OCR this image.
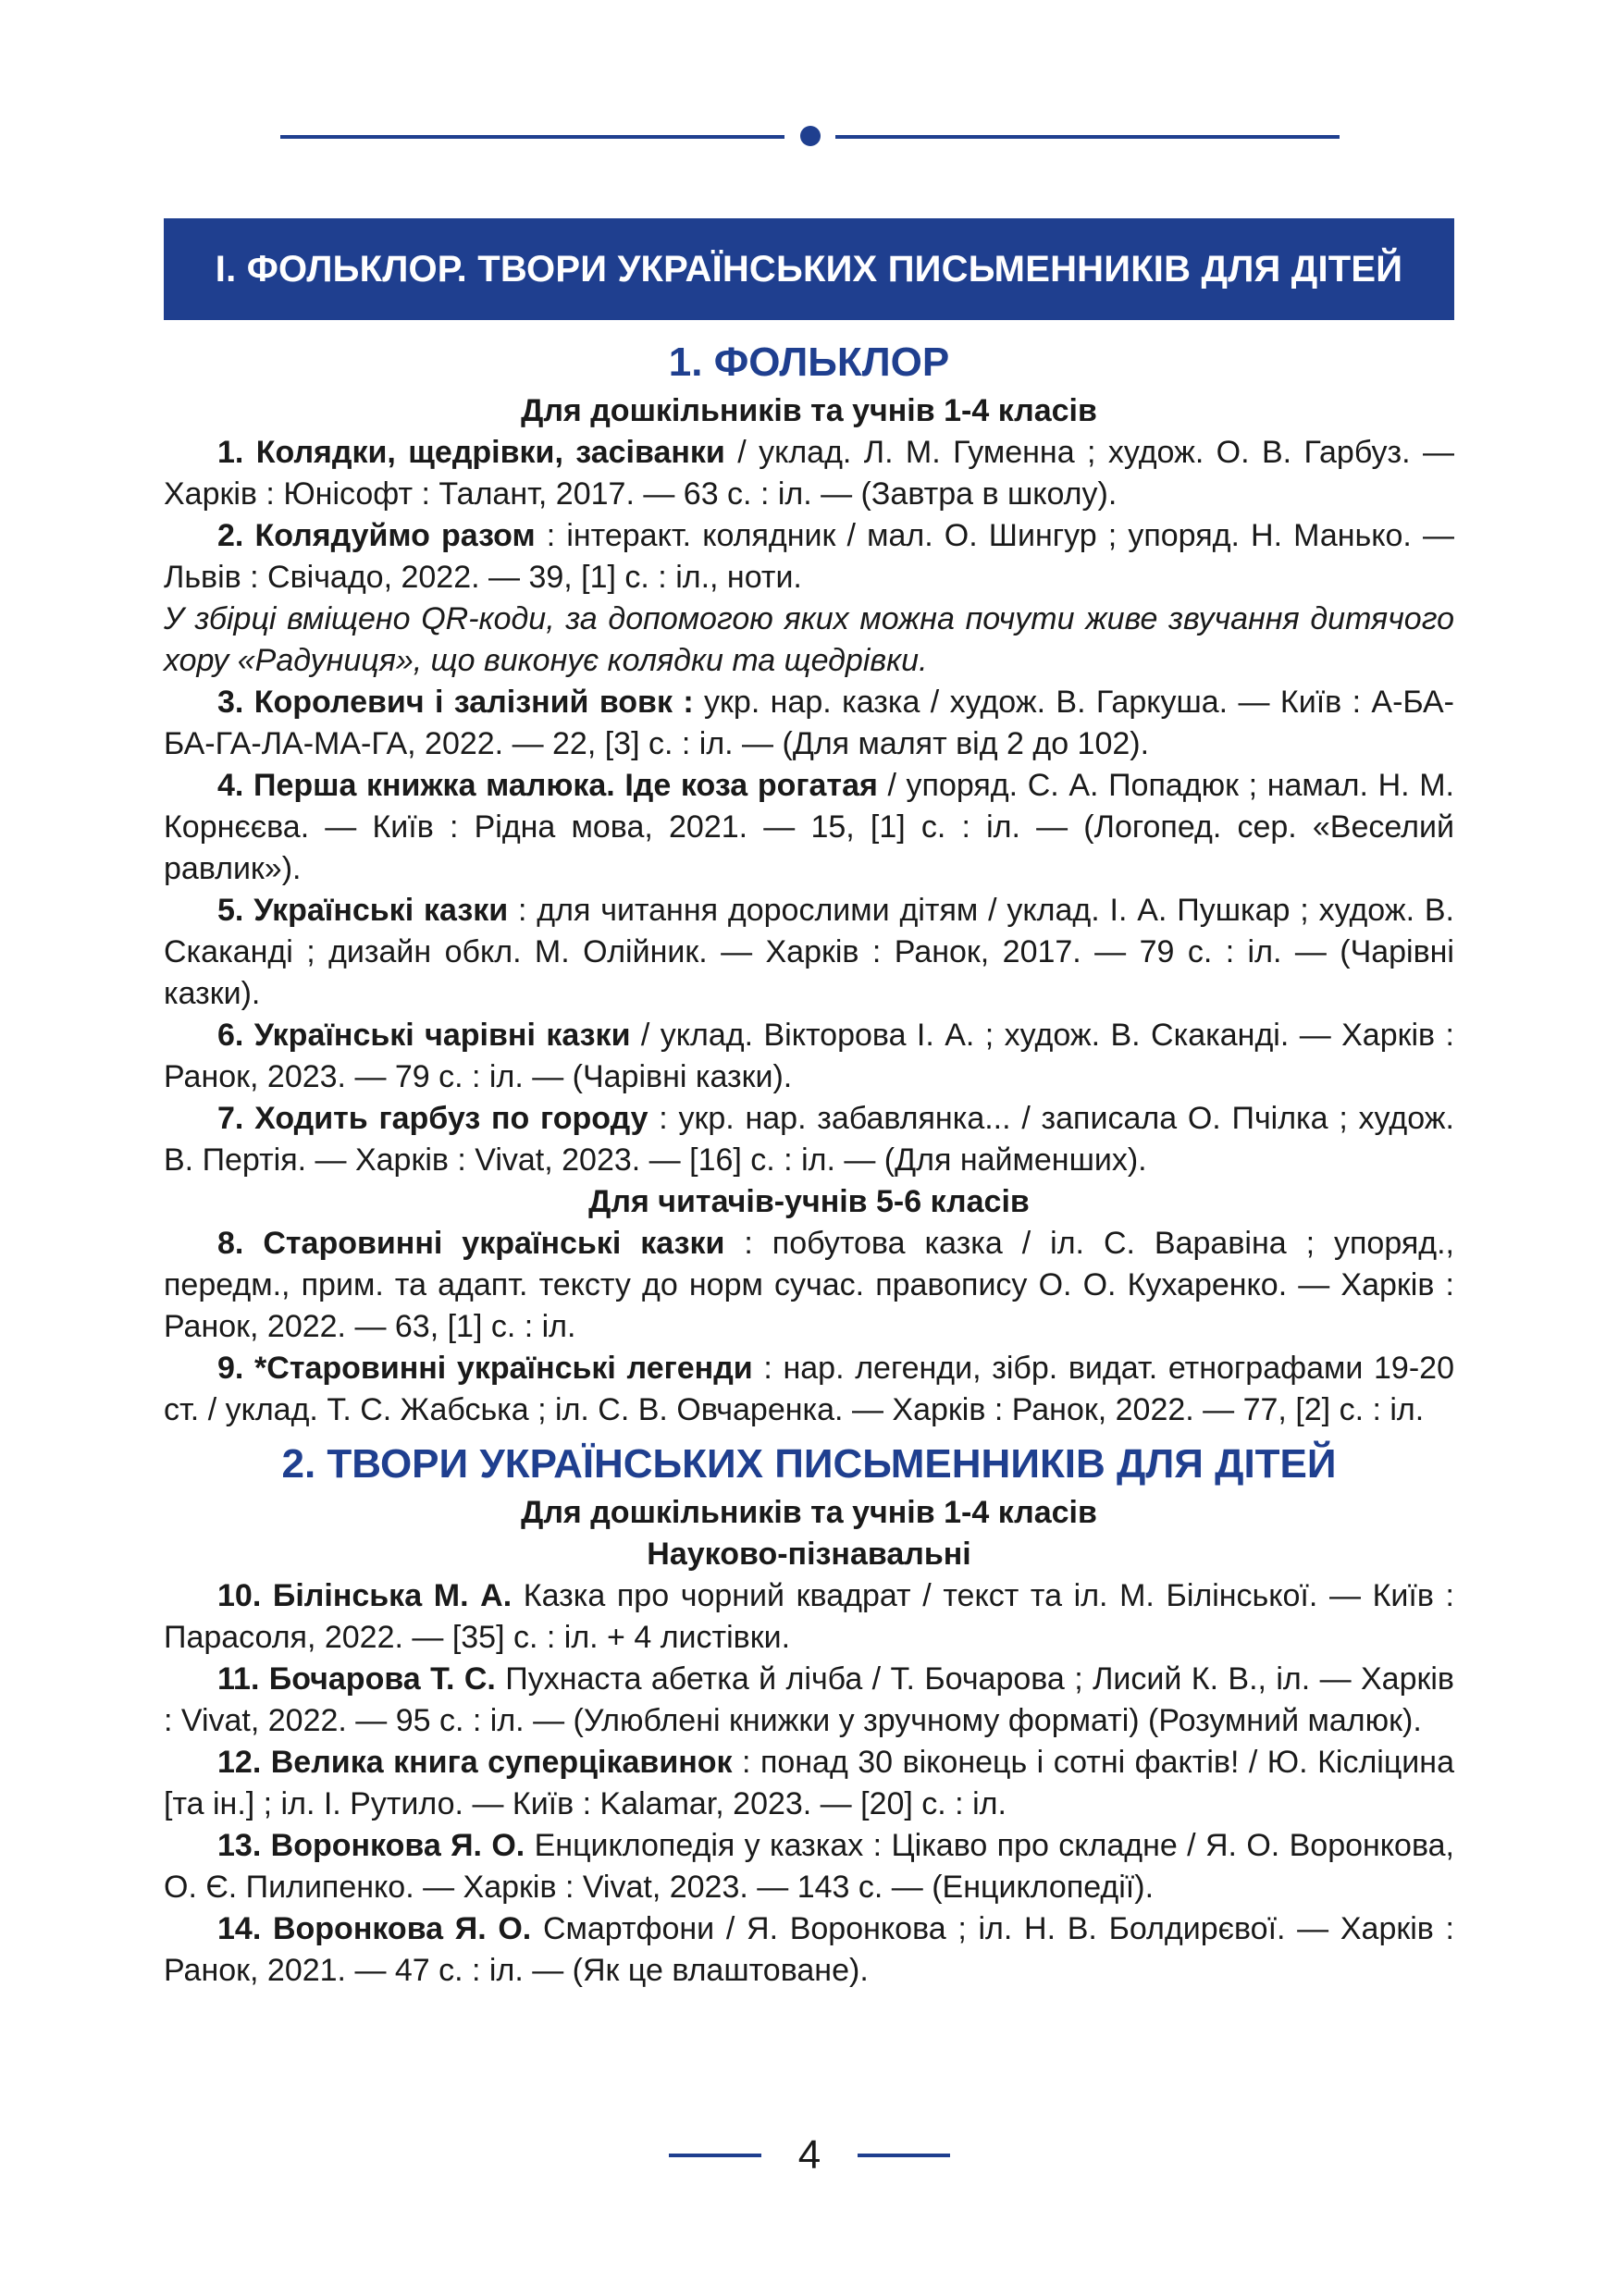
І. ФОЛЬКЛОР. ТВОРИ УКРАЇНСЬКИХ ПИСЬМЕННИКІВ ДЛЯ ДІТЕЙ
1. ФОЛЬКЛОР
Для дошкільників та учнів 1-4 класів

1. Колядки, щедрівки, засіванки / уклад. Л. М. Гуменна ; худож. О. В. Гарбуз. — Харків : Юнісофт : Талант, 2017. — 63 с. : іл. — (Завтра в школу).

2. Колядуймо разом : інтеракт. колядник / мал. О. Шингур ; упоряд. Н. Манько. — Львів : Свічадо, 2022. — 39, [1] с. : іл., ноти.

У збірці вміщено QR-коди, за допомогою яких можна почути живе звучання дитячого хору «Радуниця», що виконує колядки та щедрівки.

3. Королевич і залізний вовк : укр. нар. казка / худож. В. Гаркуша. — Київ : А-БА-БА-ГА-ЛА-МА-ГА, 2022. — 22, [3] с. : іл. — (Для малят від 2 до 102).

4. Перша книжка малюка. Іде коза рогатая / упоряд. С. А. Попадюк ; намал. Н. М. Корнєєва. — Київ : Рідна мова, 2021. — 15, [1] с. : іл. — (Логопед. сер. «Веселий равлик»).

5. Українські казки : для читання дорослими дітям / уклад. І. А. Пушкар ; худож. В. Скаканді ; дизайн обкл. М. Олійник. — Харків : Ранок, 2017. — 79 с. : іл. — (Чарівні казки).

6. Українські чарівні казки / уклад. Вікторова І. А. ; худож. В. Скаканді. — Харків : Ранок, 2023. — 79 с. : іл. — (Чарівні казки).

7. Ходить гарбуз по городу : укр. нар. забавлянка... / записала О. Пчілка ; худож. В. Пертія. — Харків : Vivat, 2023. — [16] с. : іл. — (Для найменших).

Для читачів-учнів 5-6 класів

8. Старовинні українські казки : побутова казка / іл. С. Варавіна ; упоряд., передм., прим. та адапт. тексту до норм сучас. правопису О. О. Кухаренко. — Харків : Ранок, 2022. — 63, [1] с. : іл.

9. *Старовинні українські легенди : нар. легенди, зібр. видат. етнографами 19-20 ст. / уклад. Т. С. Жабська ; іл. С. В. Овчаренка. — Харків : Ранок, 2022. — 77, [2] с. : іл.

2. ТВОРИ УКРАЇНСЬКИХ ПИСЬМЕННИКІВ ДЛЯ ДІТЕЙ
Для дошкільників та учнів 1-4 класів
Науково-пізнавальні

10. Білінська М. А. Казка про чорний квадрат / текст та іл. М. Білінської. — Київ : Парасоля, 2022. — [35] с. : іл. + 4 листівки.

11. Бочарова Т. С. Пухнаста абетка й лічба / Т. Бочарова ; Лисий К. В., іл. — Харків : Vivat, 2022. — 95 с. : іл. — (Улюблені книжки у зручному форматі) (Розумний малюк).

12. Велика книга суперцікавинок : понад 30 віконець і сотні фактів! / Ю. Кісліцина [та ін.] ; іл. І. Рутило. — Київ : Kalamar, 2023. — [20] с. : іл.

13. Воронкова Я. О. Енциклопедія у казках : Цікаво про складне / Я. О. Воронкова, О. Є. Пилипенко. — Харків : Vivat, 2023. — 143 с. — (Енциклопедії).

14. Воронкова Я. О. Смартфони / Я. Воронкова ; іл. Н. В. Болдирєвої. — Харків : Ранок, 2021. — 47 с. : іл. — (Як це влаштоване).

4
